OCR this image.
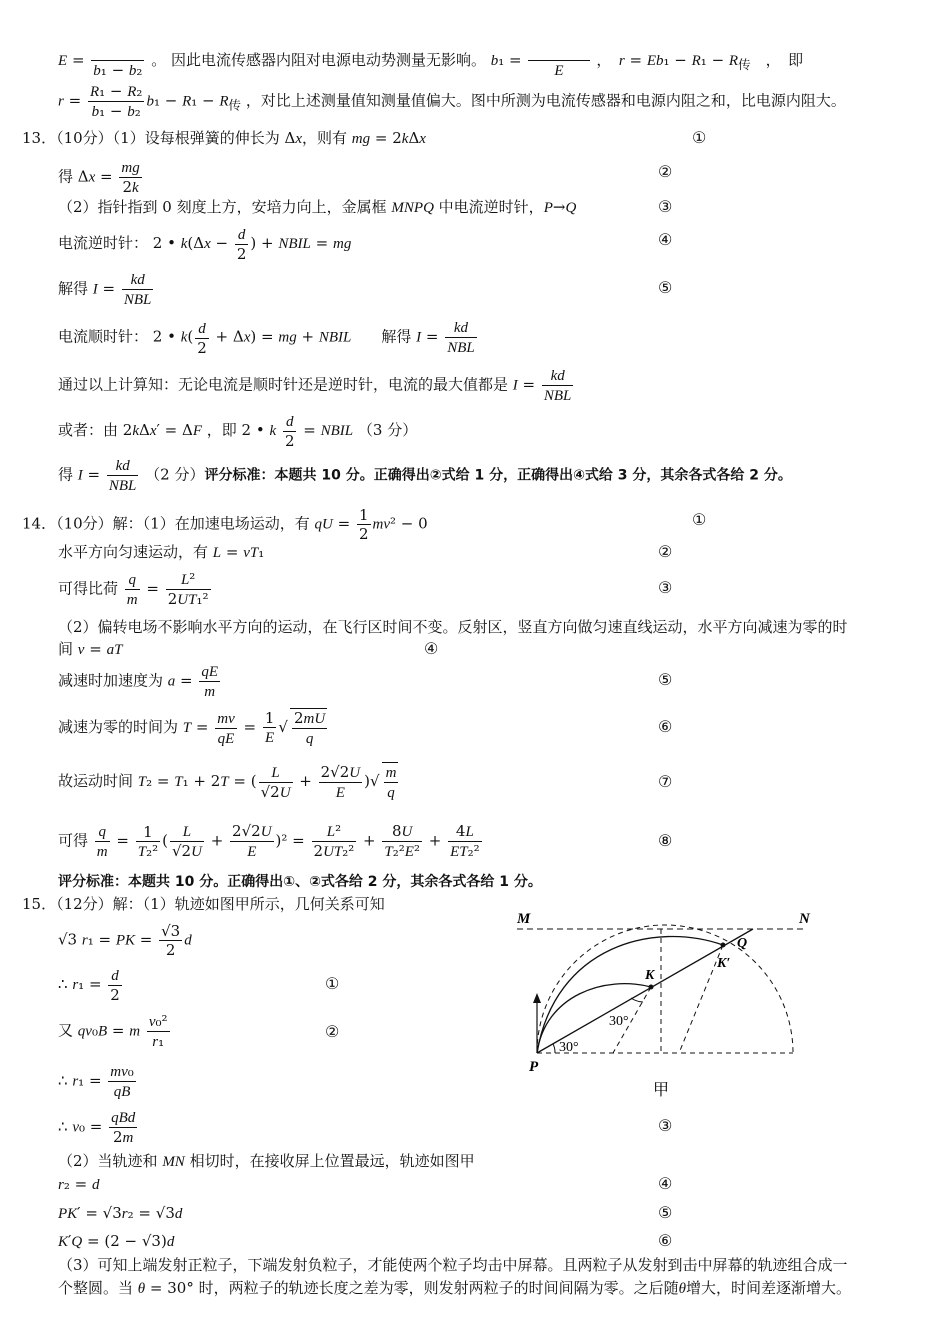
E =

b₁ − b₂
。 因此电流传感器内阻对电源电动势测量无影响。 b₁ =

E
，　$r = Eb_1 - R_1 - R_传$　，　即
$r = \frac{\text{R₁ − R₂}}{\text{b₁ − b₂}} b_1 - R_1 - R_传$ ，对比上述测量值知测量值偏大。图中所测为电流传感器和电源内阻之和，比电源内阻大。
13．（10分）（1）设每根弹簧的伸长为 Δx，则有 mg = 2kΔx	①
得 $\Delta x = \frac{mg}{2k}$	②
（2）指针指到 0 刻度上方，安培力向上，金属框 MNPQ 中电流逆时针，P→Q	③
电流逆时针： 2 • $k(\Delta x - \frac{d}{2}$ ) + NBIL = mg	④
解得 $I = \frac{kd}{\text{NBL}}$	⑤
电流顺时针： 2 • $k( \frac{d}{2} + \Delta x)$ = mg + NBIL　　解得 $I = \frac{kd}{\text{NBL}}$
通过以上计算知：无论电流是顺时针还是逆时针，电流的最大值都是 $I = \frac{kd}{\text{NBL}}$
或者：由 2kΔx′ = ΔF ，即 2 • k $\frac{d}{2}$ = NBIL （3 分）
得 $I = \frac{kd}{\text{NBL}} (2$ 分）评分标准：本题共 10 分。正确得出②式给 1 分，正确得出④式给 3 分，其余各式各给 2 分。
14．（10分）解：（1）在加速电场运动，有 qU = $\frac{1}{2} mv^2 - 0$	①
水平方向匀速运动，有 L = vT₁	②
可得比荷 $\frac{q}{m} = \frac{\text{L²}}{\text{2UT₁²}}$	③
（2）偏转电场不影响水平方向的运动，在飞行区时间不变。反射区，竖直方向做匀速直线运动，水平方向减速为零的时
间 v = aT	④
减速时加速度为 $a = \frac{qE}{m}$	⑤
减速为零的时间为 $T = \frac{mv}{qE} = \frac{1}{E}$ √ $\frac{2mU}{q}$	⑥
故运动时间 T₂ = T₁ + 2T = ( $\frac{L}{√2U} + \frac{2√2U}{E}$ )√ $\frac{m}{q}$	⑦
可得 $\frac{q}{m} = \frac{1}{\text{T₂²}}$ ( $\frac{L}{√2U} + \frac{2√2U}{E} )^2 = \frac{\text{L²}}{\text{2UT₂²}} + \frac{8U}{\text{T₂²E²}} + \frac{4L}{\text{ET₂²}}$	⑧
评分标准：本题共 10 分。正确得出①、②式各给 2 分，其余各式各给 1 分。
15．（12分）解：（1）轨迹如图甲所示，几何关系可知
√3 r₁ = PK = $\frac{√3}{2}$ d
∴ $r_1 = \frac{d}{2}$	①
又 qv₀B = m $\frac{\text{v₀²}}{\text{r₁}}$	②
∴ $r_1 = \frac{\text{mv₀}}{qB}$
∴ $v_0 = \frac{\text{qBd}}{2m}$	③
（2）当轨迹和 MN 相切时，在接收屏上位置最远，轨迹如图甲
r₂ = d	④
PK′ = √3r₂ = √3d	⑤
K′Q = (2 − √3)d	⑥
（3）可知上端发射正粒子，下端发射负粒子，才能使两个粒子均击中屏幕。且两粒子从发射到击中屏幕的轨迹组合成一
个整圆。当 θ = 30° 时，两粒子的轨迹长度之差为零，则发射两粒子的时间间隔为零。之后随θ增大，时间差逐渐增大。
M	N
K
K′
Q
P
30°
30°
甲
